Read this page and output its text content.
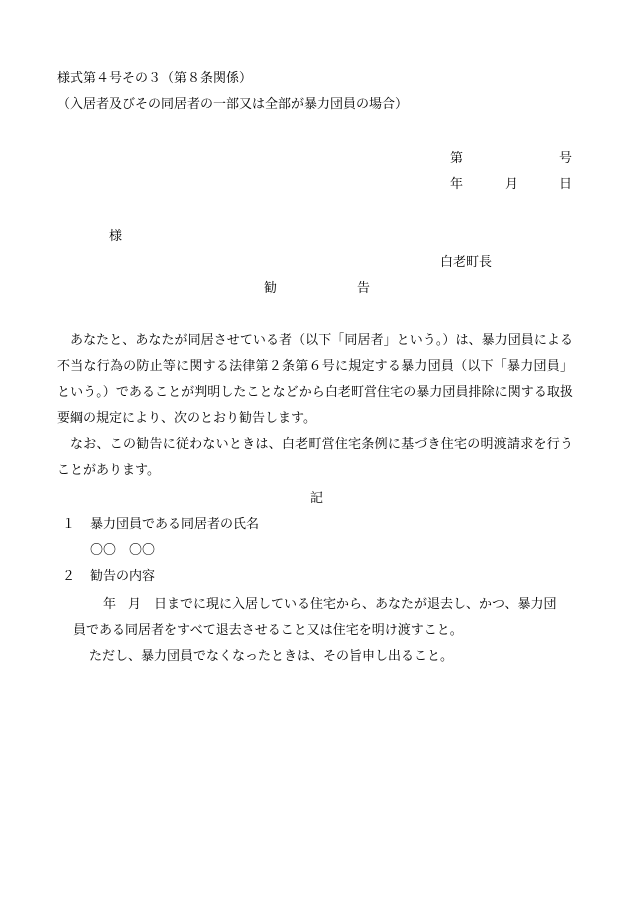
様式第４号その３（第８条関係）
（入居者及びその同居者の一部又は全部が暴力団員の場合）
第	号
年	月	日
様
白老町長
勧	告
あなたと、あなたが同居させている者（以下「同居者」という。）は、暴力団員による不当な行為の防止等に関する法律第２条第６号に規定する暴力団員（以下「暴力団員」という。）であることが判明したことなどから白老町営住宅の暴力団員排除に関する取扱要綱の規定により、次のとおり勧告します。
なお、この勧告に従わないときは、白老町営住宅条例に基づき住宅の明渡請求を行うことがあります。
記
１ 暴力団員である同居者の氏名
〇〇　〇〇
２ 勧告の内容
年 月 日までに現に入居している住宅から、あなたが退去し、かつ、暴力団
員である同居者をすべて退去させること又は住宅を明け渡すこと。
ただし、暴力団員でなくなったときは、その旨申し出ること。
